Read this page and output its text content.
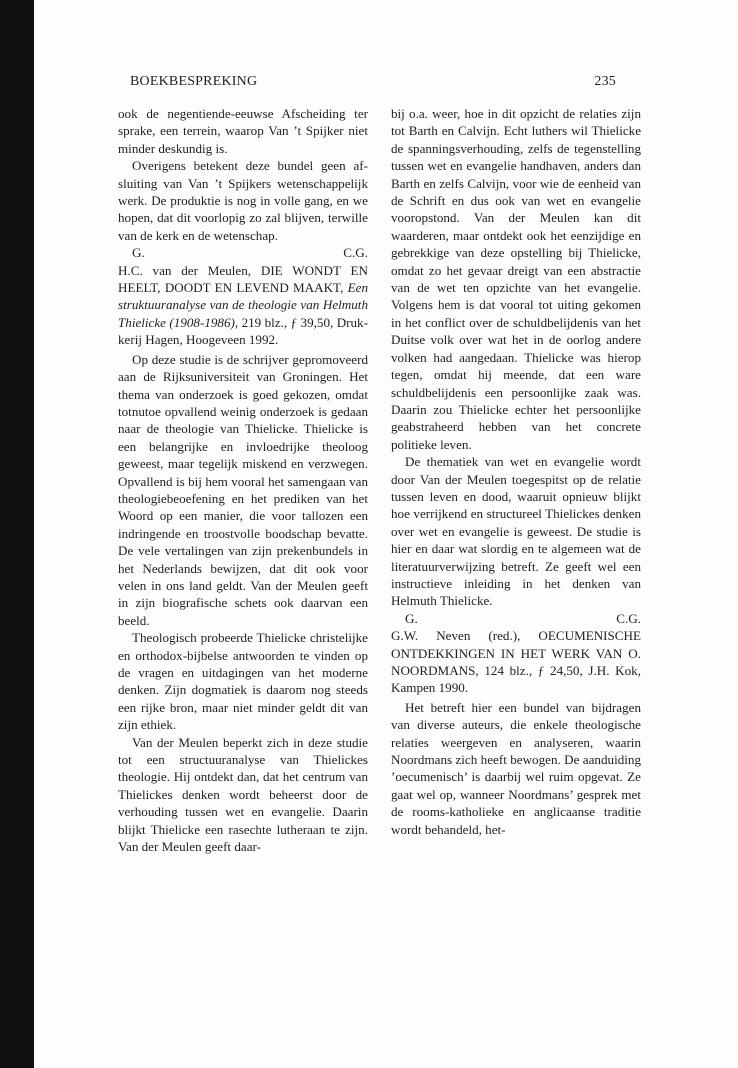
BOEKBESPREKING	235

ook de negentiende-eeuwse Afscheiding ter sprake, een terrein, waarop Van ’t Spijker niet minder deskundig is.

Overigens betekent deze bundel geen afsluiting van Van ’t Spijkers wetenschappelijk werk. De produktie is nog in volle gang, en we hopen, dat dit voorlopig zo zal blijven, terwille van de kerk en de wetenschap.

G.	C.G.

H.C. van der Meulen, DIE WONDT EN HEELT, DOODT EN LEVEND MAAKT, Een struktuuranalyse van de theologie van Helmuth Thielicke (1908-1986), 219 blz., ƒ 39,50, Drukkerij Hagen, Hoogeveen 1992.

Op deze studie is de schrijver gepromoveerd aan de Rijksuniversiteit van Groningen. Het thema van onderzoek is goed gekozen, omdat totnutoe opvallend weinig onderzoek is gedaan naar de theologie van Thielicke. Thielicke is een belangrijke en invloedrijke theoloog geweest, maar tegelijk miskend en verzwegen. Opvallend is bij hem vooral het samengaan van theologiebeoefening en het prediken van het Woord op een manier, die voor tallozen een indringende en troostvolle boodschap bevatte. De vele vertalingen van zijn prekenbundels in het Nederlands bewijzen, dat dit ook voor velen in ons land geldt. Van der Meulen geeft in zijn biografische schets ook daarvan een beeld.

Theologisch probeerde Thielicke christelijke en orthodox-bijbelse antwoorden te vinden op de vragen en uitdagingen van het moderne denken. Zijn dogmatiek is daarom nog steeds een rijke bron, maar niet minder geldt dit van zijn ethiek.

Van der Meulen beperkt zich in deze studie tot een structuuranalyse van Thielickes theologie. Hij ontdekt dan, dat het centrum van Thielickes denken wordt beheerst door de verhouding tussen wet en evangelie. Daarin blijkt Thielicke een rasechte lutheraan te zijn. Van der Meulen geeft daar-

bij o.a. weer, hoe in dit opzicht de relaties zijn tot Barth en Calvijn. Echt luthers wil Thielicke de spanningsverhouding, zelfs de tegenstelling tussen wet en evangelie handhaven, anders dan Barth en zelfs Calvijn, voor wie de eenheid van de Schrift en dus ook van wet en evangelie vooropstond. Van der Meulen kan dit waarderen, maar ontdekt ook het eenzijdige en gebrekkige van deze opstelling bij Thielicke, omdat zo het gevaar dreigt van een abstractie van de wet ten opzichte van het evangelie. Volgens hem is dat vooral tot uiting gekomen in het conflict over de schuldbelijdenis van het Duitse volk over wat het in de oorlog andere volken had aangedaan. Thielicke was hierop tegen, omdat hij meende, dat een ware schuldbelijdenis een persoonlijke zaak was. Daarin zou Thielicke echter het persoonlijke geabstraheerd hebben van het concrete politieke leven.

De thematiek van wet en evangelie wordt door Van der Meulen toegespitst op de relatie tussen leven en dood, waaruit opnieuw blijkt hoe verrijkend en structureel Thielickes denken over wet en evangelie is geweest. De studie is hier en daar wat slordig en te algemeen wat de literatuurverwijzing betreft. Ze geeft wel een instructieve inleiding in het denken van Helmuth Thielicke.

G.	C.G.

G.W. Neven (red.), OECUMENISCHE ONTDEKKINGEN IN HET WERK VAN O. NOORDMANS, 124 blz., ƒ 24,50, J.H. Kok, Kampen 1990.

Het betreft hier een bundel van bijdragen van diverse auteurs, die enkele theologische relaties weergeven en analyseren, waarin Noordmans zich heeft bewogen. De aanduiding ’oecumenisch’ is daarbij wel ruim opgevat. Ze gaat wel op, wanneer Noordmans’ gesprek met de rooms-katholieke en anglicaanse traditie wordt behandeld, het-
